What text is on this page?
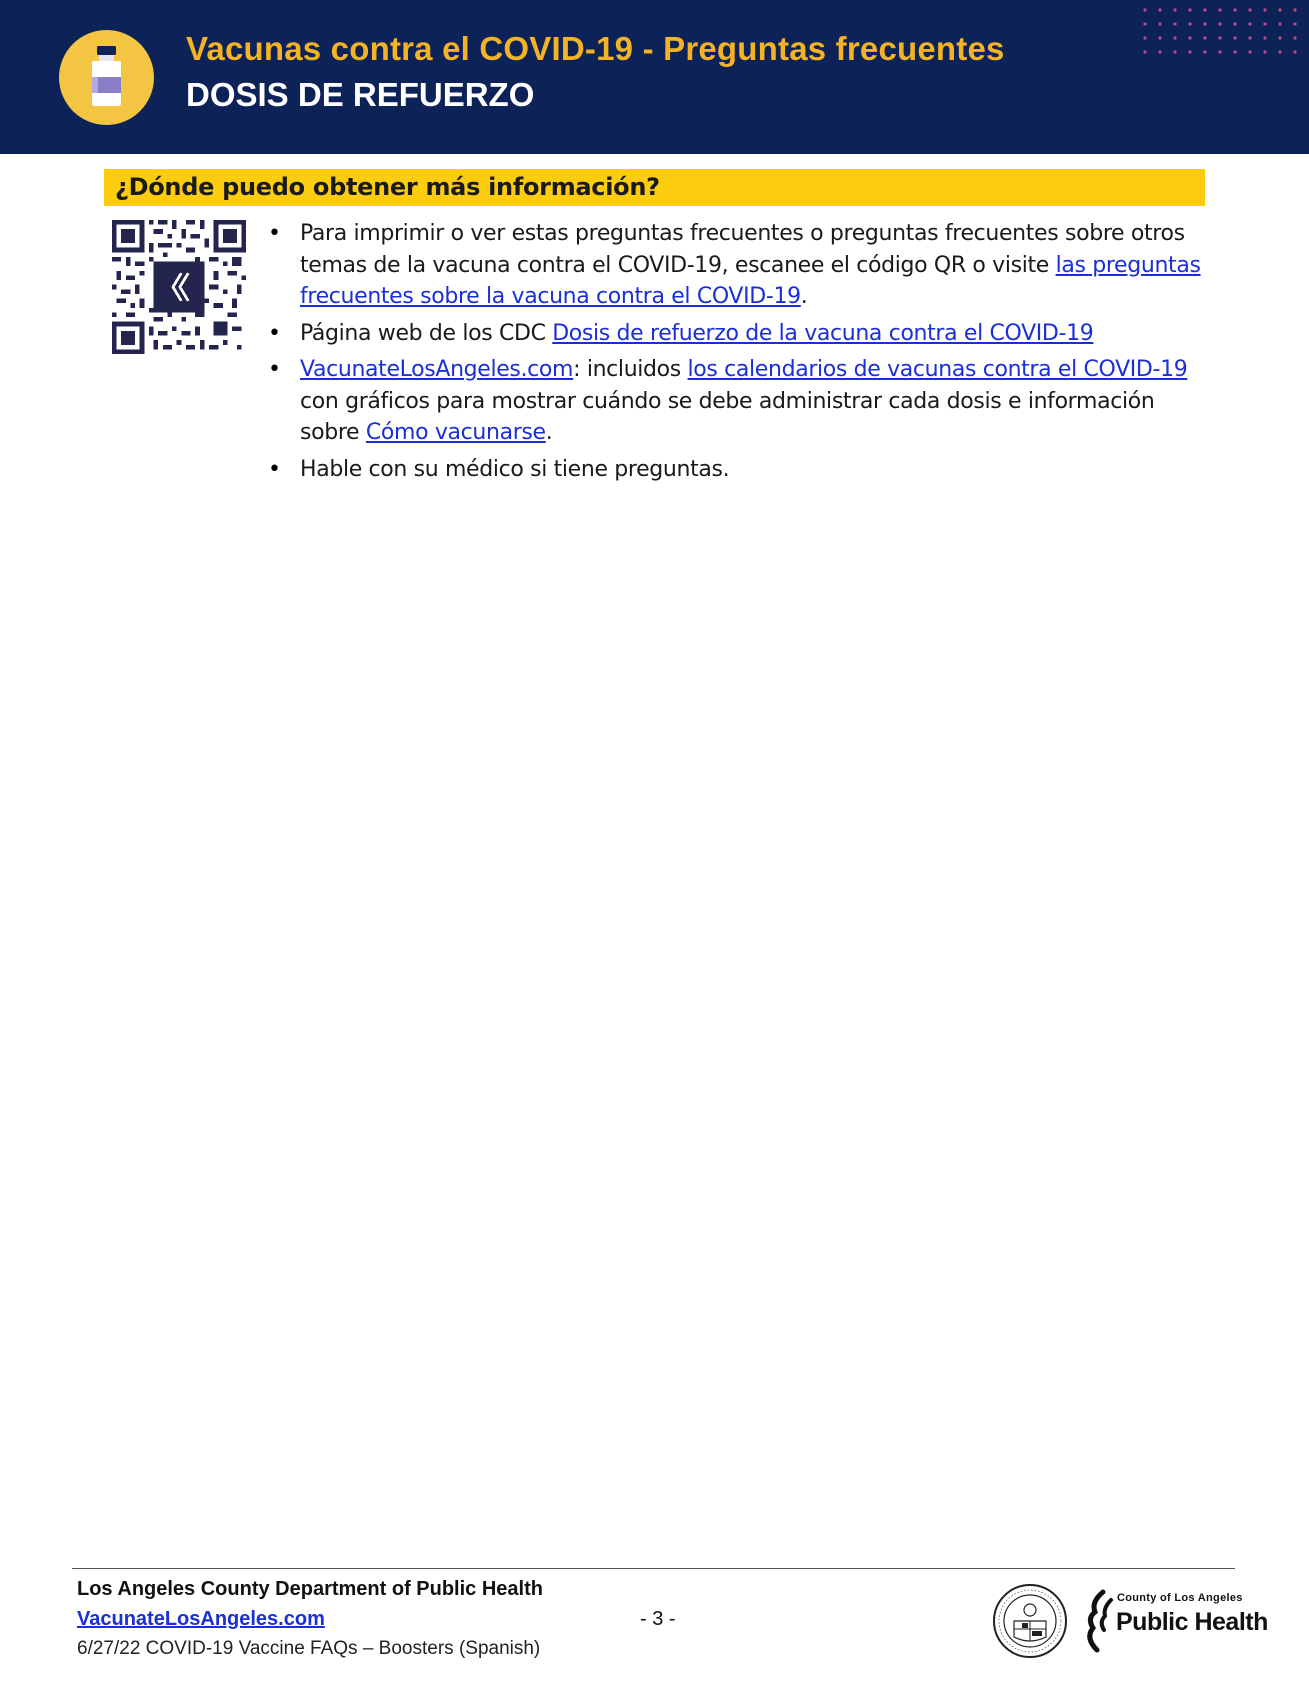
Vacunas contra el COVID-19 - Preguntas frecuentes
DOSIS DE REFUERZO
¿Dónde puedo obtener más información?
• Para imprimir o ver estas preguntas frecuentes o preguntas frecuentes sobre otros temas de la vacuna contra el COVID-19, escanee el código QR o visite las preguntas frecuentes sobre la vacuna contra el COVID-19.
• Página web de los CDC Dosis de refuerzo de la vacuna contra el COVID-19
• VacunateLosAngeles.com: incluidos los calendarios de vacunas contra el COVID-19 con gráficos para mostrar cuándo se debe administrar cada dosis e información sobre Cómo vacunarse.
• Hable con su médico si tiene preguntas.
Los Angeles County Department of Public Health
VacunateLosAngeles.com
6/27/22 COVID-19 Vaccine FAQs – Boosters (Spanish)
- 3 -
County of Los Angeles
Public Health
